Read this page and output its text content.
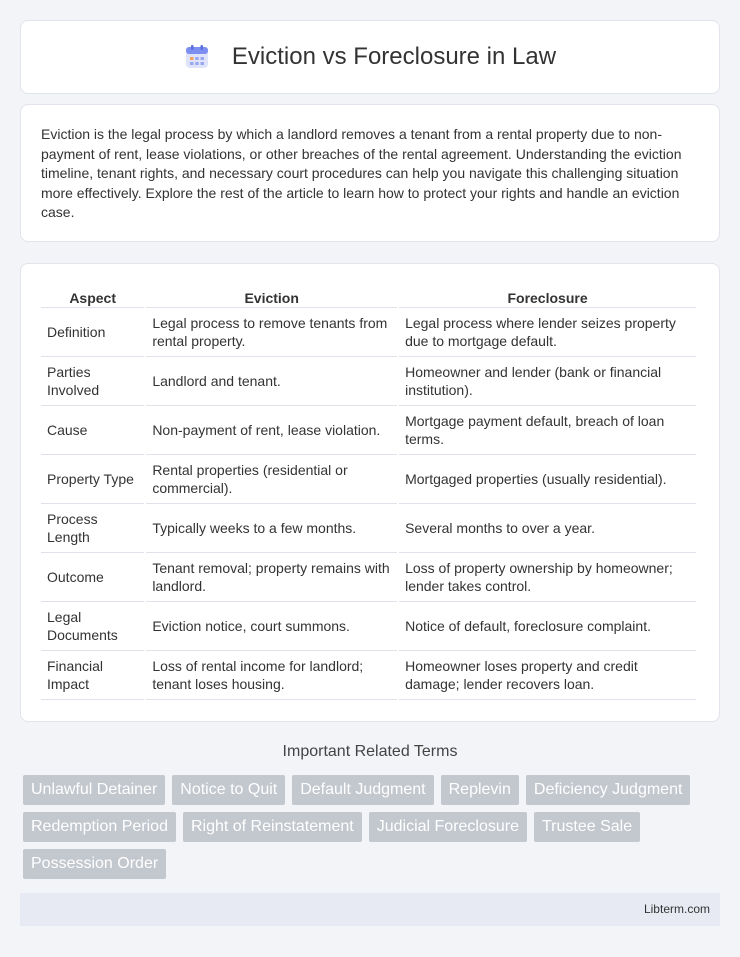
Eviction vs Foreclosure in Law

Eviction is the legal process by which a landlord removes a tenant from a rental property due to non-payment of rent, lease violations, or other breaches of the rental agreement. Understanding the eviction timeline, tenant rights, and necessary court procedures can help you navigate this challenging situation more effectively. Explore the rest of the article to learn how to protect your rights and handle an eviction case.

Aspect	Eviction	Foreclosure
Definition	Legal process to remove tenants from rental property.	Legal process where lender seizes property due to mortgage default.
Parties Involved	Landlord and tenant.	Homeowner and lender (bank or financial institution).
Cause	Non-payment of rent, lease violation.	Mortgage payment default, breach of loan terms.
Property Type	Rental properties (residential or commercial).	Mortgaged properties (usually residential).
Process Length	Typically weeks to a few months.	Several months to over a year.
Outcome	Tenant removal; property remains with landlord.	Loss of property ownership by homeowner; lender takes control.
Legal Documents	Eviction notice, court summons.	Notice of default, foreclosure complaint.
Financial Impact	Loss of rental income for landlord; tenant loses housing.	Homeowner loses property and credit damage; lender recovers loan.
Important Related Terms
Unlawful Detainer	Notice to Quit	Default Judgment	Replevin	Deficiency Judgment
Redemption Period	Right of Reinstatement	Judicial Foreclosure	Trustee Sale
Possession Order
Libterm.com
